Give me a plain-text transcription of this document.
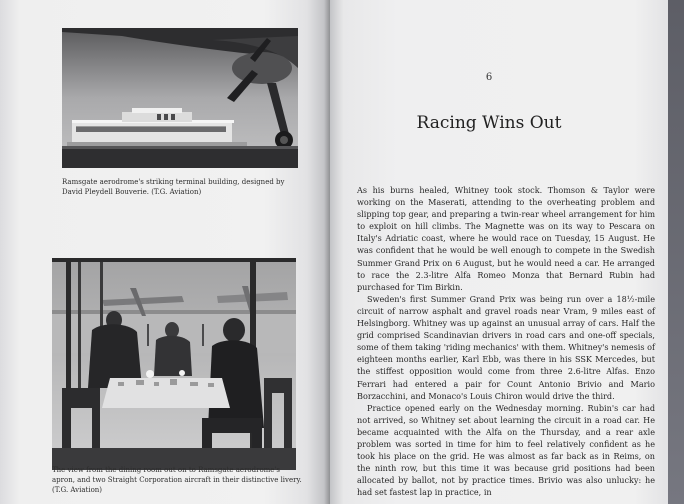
Ramsgate aerodrome's striking terminal building, designed by David Pleydell Bouverie. (T.G. Aviation)

The view from the dining room out on to Ramsgate aerodrome's apron, and two Straight Corporation aircraft in their distinctive livery. (T.G. Aviation)

6
Racing Wins Out

As his burns healed, Whitney took stock. Thomson & Taylor were working on the Maserati, attending to the overheating problem and slipping top gear, and preparing a twin-rear wheel arrangement for him to exploit on hill climbs. The Magnette was on its way to Pescara on Italy's Adriatic coast, where he would race on Tuesday, 15 August. He was confident that he would be well enough to compete in the Swedish Summer Grand Prix on 6 August, but he would need a car. He arranged to race the 2.3-litre Alfa Romeo Monza that Bernard Rubin had purchased for Tim Birkin.

Sweden's first Summer Grand Prix was being run over a 18½-mile circuit of narrow asphalt and gravel roads near Vram, 9 miles east of Helsingborg. Whitney was up against an unusual array of cars. Half the grid comprised Scandinavian drivers in road cars and one-off specials, some of them taking 'riding mechanics' with them. Whitney's nemesis of eighteen months earlier, Karl Ebb, was there in his SSK Mercedes, but the stiffest opposition would come from three 2.6-litre Alfas. Enzo Ferrari had entered a pair for Count Antonio Brivio and Mario Borzacchini, and Monaco's Louis Chiron would drive the third.

Practice opened early on the Wednesday morning. Rubin's car had not arrived, so Whitney set about learning the circuit in a road car. He became acquainted with the Alfa on the Thursday, and a rear axle problem was sorted in time for him to feel relatively confident as he took his place on the grid. He was almost as far back as in Reims, on the ninth row, but this time it was because grid positions had been allocated by ballot, not by practice times. Brivio was also unlucky: he had set fastest lap in practice, in
